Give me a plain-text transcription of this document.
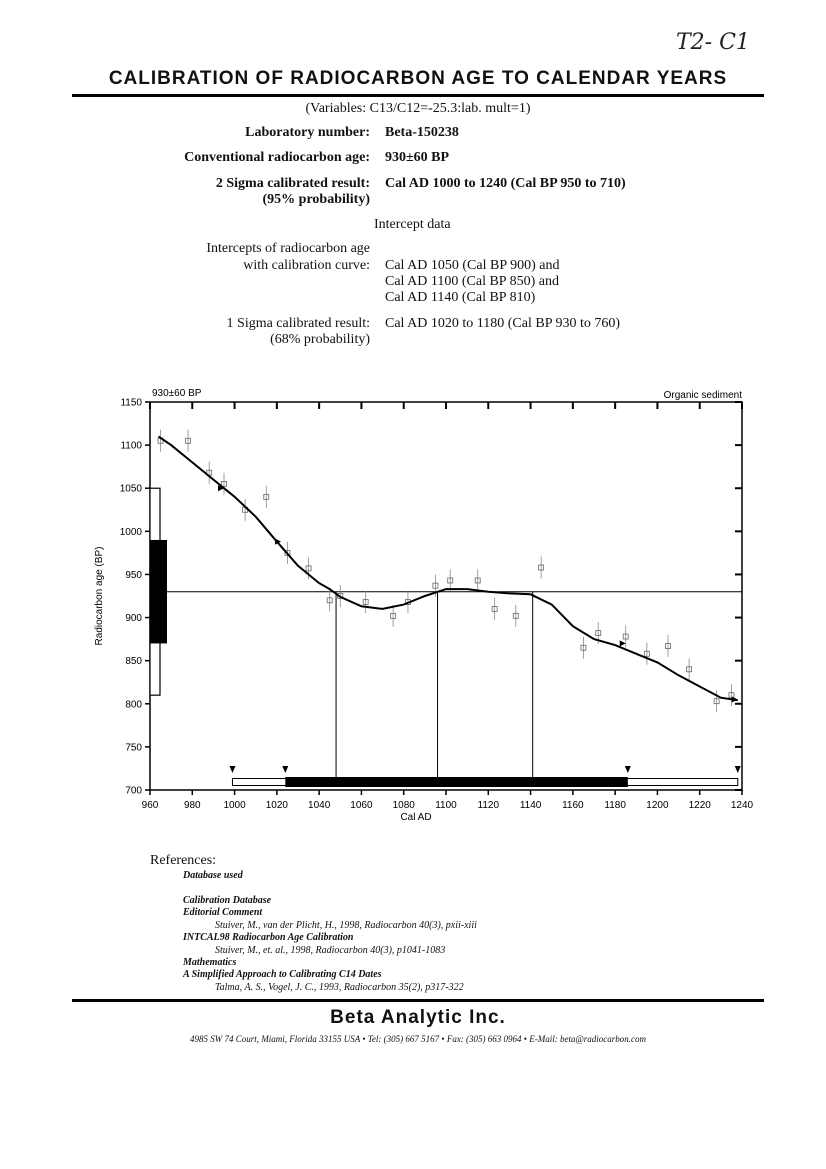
T2- C1
CALIBRATION OF RADIOCARBON AGE TO CALENDAR YEARS
(Variables: C13/C12=-25.3:lab. mult=1)
Laboratory number: Beta-150238
Conventional radiocarbon age: 930±60 BP
2 Sigma calibrated result:
(95% probability)
Cal AD 1000 to 1240 (Cal BP 950 to 710)
Intercept data
Intercepts of radiocarbon age
with calibration curve: Cal AD 1050 (Cal BP 900) and
Cal AD 1100 (Cal BP 850) and
Cal AD 1140 (Cal BP 810)
1 Sigma calibrated result:
(68% probability)
Cal AD 1020 to 1180 (Cal BP 930 to 760)
960	980 1000 1020 1040 1060 1080 1100 1120 1140 1160 1180 1200 1220 1240
700
750
800
850
900
950
1000
1050
1100
1150
930±60 BP	Organic sediment
Cal AD
Radiocarbon age (BP)
References:
Database used
Calibration Database
Editorial Comment
Stuiver, M., van der Plicht, H., 1998, Radiocarbon 40(3), pxii-xiii
INTCAL98 Radiocarbon Age Calibration
Stuiver, M., et. al., 1998, Radiocarbon 40(3), p1041-1083
Mathematics
A Simplified Approach to Calibrating C14 Dates
Talma, A. S., Vogel, J. C., 1993, Radiocarbon 35(2), p317-322
Beta Analytic Inc.
4985 SW 74 Court, Miami, Florida 33155 USA • Tel: (305) 667 5167 • Fax: (305) 663 0964 • E-Mail: beta@radiocarbon.com
